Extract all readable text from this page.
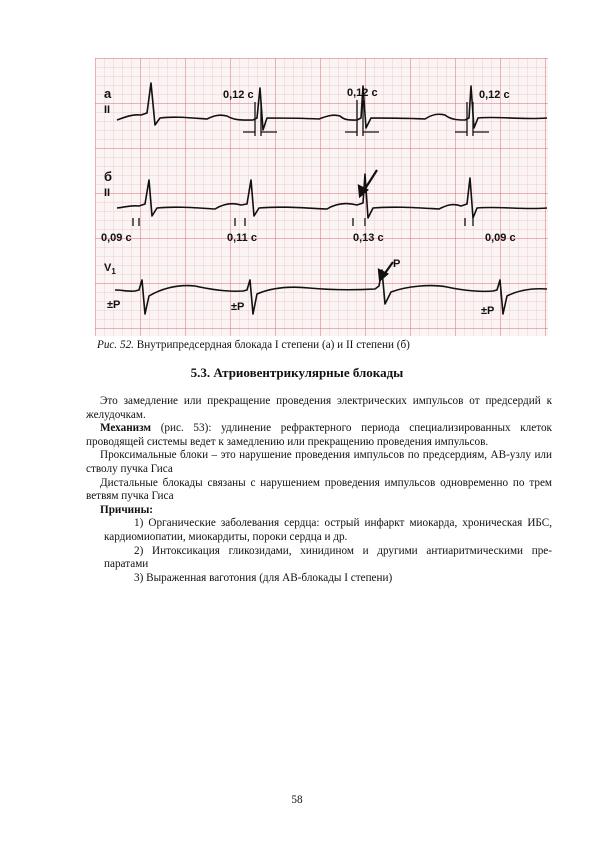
а
II
0,12 с	0,12 с	0,12 с
б
II
0,09 с	0,11 с	0,13 с	0,09 с
$V_1$
Р
±Р	±Р	±Р
Рис. 52. Внутрипредсердная блокада I степени (а) и II степени (б)
5.3. Атриовентрикулярные блокады

Это замедление или прекращение проведения электрических импульсов от предсердий к желудочкам.

Механизм (рис. 53): удлинение рефрактерного периода специализированных клеток проводящей системы ведет к замедлению или прекращению проведения импульсов.

Проксимальные блоки – это нарушение проведения импульсов по предсердиям, АВ-узлу или стволу пучка Гиса

Дистальные блокады связаны с нарушением проведения импульсов одновременно по трем ветвям пучка Гиса

Причины:

1) Органические заболевания сердца: острый инфаркт миокарда, хроническая ИБС, кардиомиопатии, миокардиты, пороки сердца и др.

2) Интоксикация гликозидами, хинидином и другими антиаритмическими пре-паратами

3) Выраженная ваготония (для АВ-блокады I степени)

58
